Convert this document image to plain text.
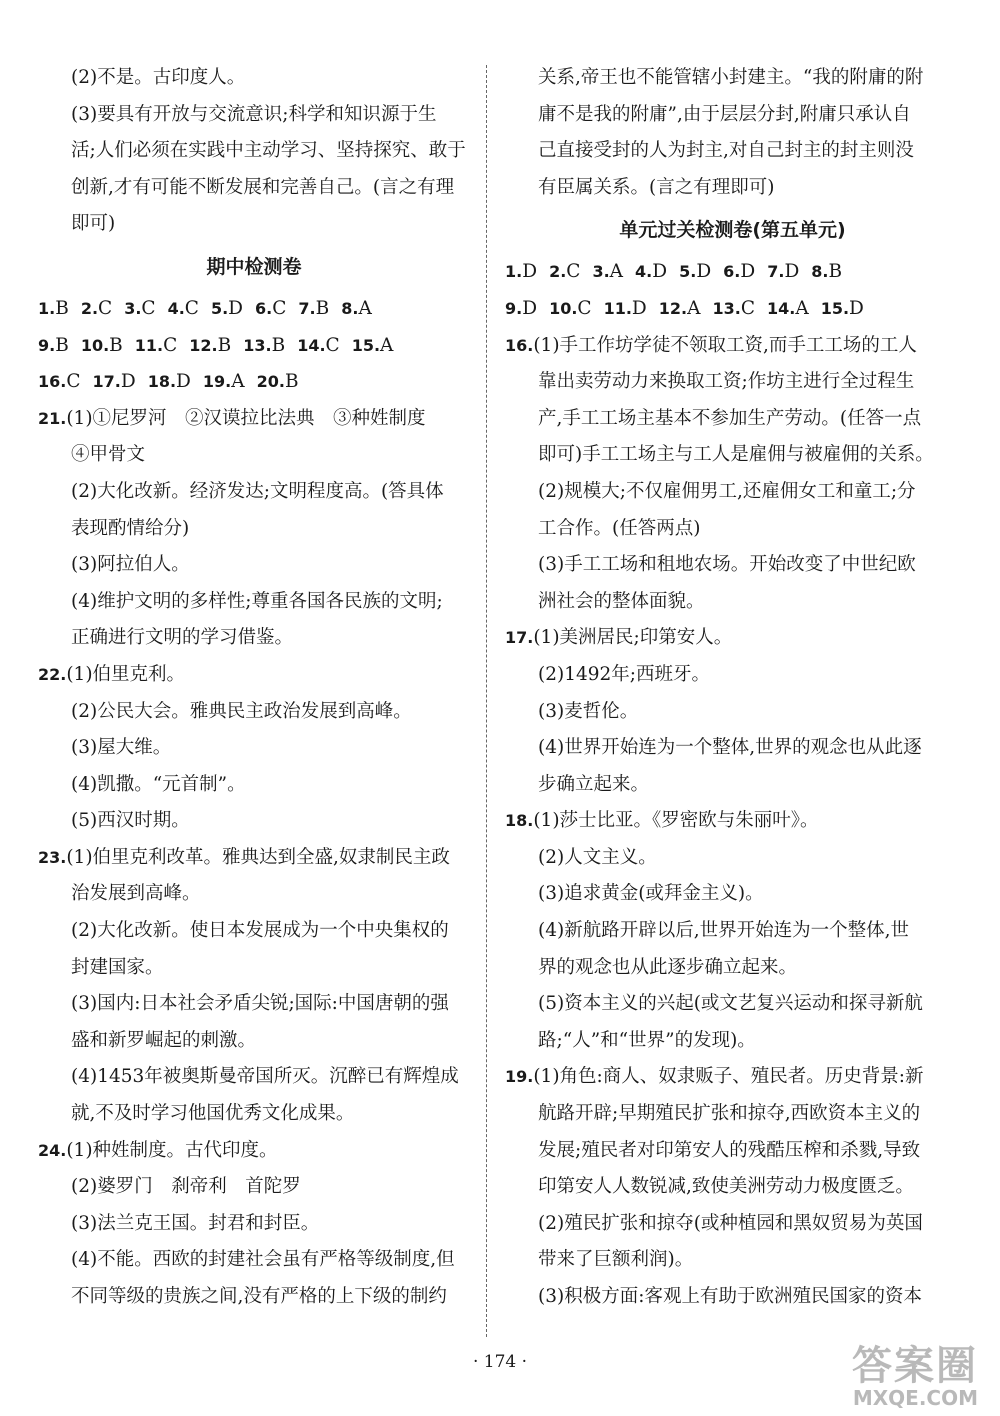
(2)不是。古印度人。
(3)要具有开放与交流意识;科学和知识源于生
活;人们必须在实践中主动学习、坚持探究、敢于
创新,才有可能不断发展和完善自己。(言之有理
即可)
期中检测卷
1.B 2.C 3.C 4.C 5.D 6.C 7.B 8.A
9.B 10.B 11.C 12.B 13.B 14.C 15.A
16.C 17.D 18.D 19.A 20.B
21.(1)①尼罗河　②汉谟拉比法典　③种姓制度
④甲骨文
(2)大化改新。经济发达;文明程度高。(答具体
表现酌情给分)
(3)阿拉伯人。
(4)维护文明的多样性;尊重各国各民族的文明;
正确进行文明的学习借鉴。
22.(1)伯里克利。
(2)公民大会。雅典民主政治发展到高峰。
(3)屋大维。
(4)凯撒。“元首制”。
(5)西汉时期。
23.(1)伯里克利改革。雅典达到全盛,奴隶制民主政
治发展到高峰。
(2)大化改新。使日本发展成为一个中央集权的
封建国家。
(3)国内:日本社会矛盾尖锐;国际:中国唐朝的强
盛和新罗崛起的刺激。
(4)1453年被奥斯曼帝国所灭。沉醉已有辉煌成
就,不及时学习他国优秀文化成果。
24.(1)种姓制度。古代印度。
(2)婆罗门　刹帝利　首陀罗
(3)法兰克王国。封君和封臣。
(4)不能。西欧的封建社会虽有严格等级制度,但
不同等级的贵族之间,没有严格的上下级的制约
关系,帝王也不能管辖小封建主。“我的附庸的附
庸不是我的附庸”,由于层层分封,附庸只承认自
己直接受封的人为封主,对自己封主的封主则没
有臣属关系。(言之有理即可)
单元过关检测卷(第五单元)
1.D 2.C 3.A 4.D 5.D 6.D 7.D 8.B
9.D 10.C 11.D 12.A 13.C 14.A 15.D
16.(1)手工作坊学徒不领取工资,而手工工场的工人
靠出卖劳动力来换取工资;作坊主进行全过程生
产,手工工场主基本不参加生产劳动。(任答一点
即可)手工工场主与工人是雇佣与被雇佣的关系。
(2)规模大;不仅雇佣男工,还雇佣女工和童工;分
工合作。(任答两点)
(3)手工工场和租地农场。开始改变了中世纪欧
洲社会的整体面貌。
17.(1)美洲居民;印第安人。
(2)1492年;西班牙。
(3)麦哲伦。
(4)世界开始连为一个整体,世界的观念也从此逐
步确立起来。
18.(1)莎士比亚。《罗密欧与朱丽叶》。
(2)人文主义。
(3)追求黄金(或拜金主义)。
(4)新航路开辟以后,世界开始连为一个整体,世
界的观念也从此逐步确立起来。
(5)资本主义的兴起(或文艺复兴运动和探寻新航
路;“人”和“世界”的发现)。
19.(1)角色:商人、奴隶贩子、殖民者。历史背景:新
航路开辟;早期殖民扩张和掠夺,西欧资本主义的
发展;殖民者对印第安人的残酷压榨和杀戮,导致
印第安人人数锐减,致使美洲劳动力极度匮乏。
(2)殖民扩张和掠夺(或种植园和黑奴贸易为英国
带来了巨额利润)。
(3)积极方面:客观上有助于欧洲殖民国家的资本
· 174 ·	答案圈
MXQE.COM
